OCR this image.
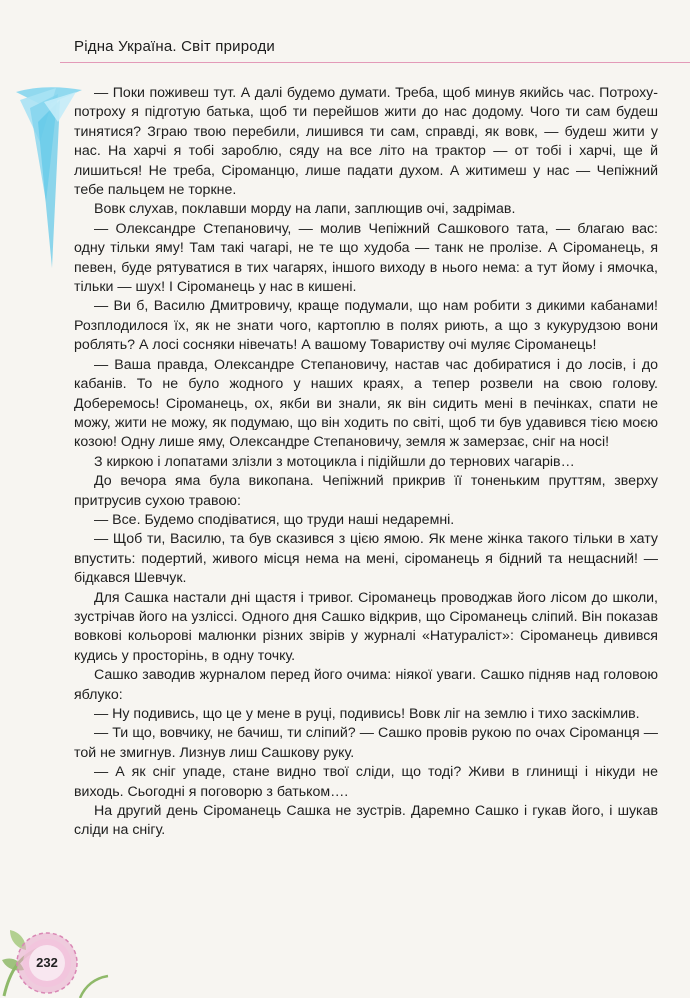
Рідна Україна. Світ природи

— Поки поживеш тут. А далі будемо думати. Треба, щоб минув якийсь час. Потроху-потроху я підготую батька, щоб ти перейшов жити до нас додому. Чого ти сам будеш тинятися? Зграю твою перебили, лишився ти сам, справді, як вовк, — будеш жити у нас. На харчі я тобі зароблю, сяду на все літо на трактор — от тобі і харчі, ще й лишиться! Не треба, Сіроманцю, лише падати духом. А житимеш у нас — Чепіжний тебе пальцем не торкне.

Вовк слухав, поклавши морду на лапи, заплющив очі, задрімав.

— Олександре Степановичу, — молив Чепіжний Сашкового тата, — благаю вас: одну тільки яму! Там такі чагарі, не те що худоба — танк не пролізе. А Сіроманець, я певен, буде рятуватися в тих чагарях, іншого виходу в нього нема: а тут йому і ямочка, тільки — шух! І Сіроманець у нас в кишені.

— Ви б, Василю Дмитровичу, краще подумали, що нам робити з дикими кабанами! Розплодилося їх, як не знати чого, картоплю в полях риють, а що з кукурудзою вони роблять? А лосі сосняки нівечать! А вашому Товариству очі муляє Сіроманець!

— Ваша правда, Олександре Степановичу, настав час добиратися і до лосів, і до кабанів. То не було жодного у наших краях, а тепер розвели на свою голову. Доберемось! Сіроманець, ох, якби ви знали, як він сидить мені в печінках, спати не можу, жити не можу, як подумаю, що він ходить по світі, щоб ти був удавився тією моєю козою! Одну лише яму, Олександре Степановичу, земля ж замерзає, сніг на носі!

З киркою і лопатами злізли з мотоцикла і підійшли до тернових чагарів…

До вечора яма була викопана. Чепіжний прикрив її тоненьким пруттям, зверху притрусив сухою травою:

— Все. Будемо сподіватися, що труди наші недаремні.

— Щоб ти, Василю, та був сказився з цією ямою. Як мене жінка такого тільки в хату впустить: подертий, живого місця нема на мені, сіроманець я бідний та нещасний! — бідкався Шевчук.

Для Сашка настали дні щастя і тривог. Сіроманець проводжав його лісом до школи, зустрічав його на узліссі. Одного дня Сашко відкрив, що Сіроманець сліпий. Він показав вовкові кольорові малюнки різних звірів у журналі «Натураліст»: Сіроманець дивився кудись у просторінь, в одну точку.

Сашко заводив журналом перед його очима: ніякої уваги. Сашко підняв над головою яблуко:

— Ну подивись, що це у мене в руці, подивись! Вовк ліг на землю і тихо заскімлив.

— Ти що, вовчику, не бачиш, ти сліпий? — Сашко провів рукою по очах Сіроманця — той не змигнув. Лизнув лиш Сашкову руку.

— А як сніг упаде, стане видно твої сліди, що тоді? Живи в глинищі і нікуди не виходь. Сьогодні я поговорю з батьком….

На другий день Сіроманець Сашка не зустрів. Даремно Сашко і гукав його, і шукав сліди на снігу.

232
